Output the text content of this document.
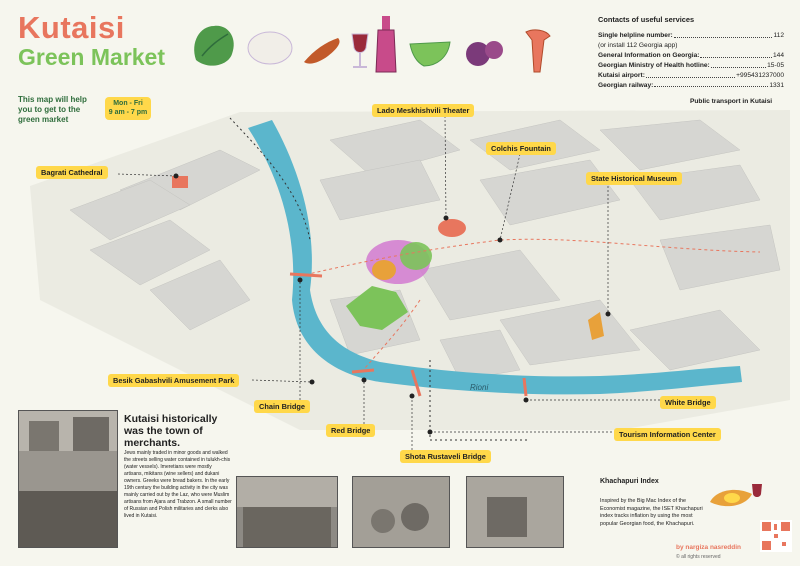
Kutaisi
Green Market
This map will help you to get to the green market
Mon - Fri
9 am - 7 pm
Contacts of useful services
Single helpline number:	112
(or install 112 Georgia app)
General Information on Georgia:	144
Georgian Ministry of Health hotline:	15-05
Kutaisi airport:	+995431237000
Georgian railway:	1331
Public transport in Kutaisi
Rioni
Lado Meskhishvili Theater
Colchis Fountain
Bagrati Cathedral
State Historical Museum
Besik Gabashvili Amusement Park
Chain Bridge
Red Bridge
Shota Rustaveli Bridge
White Bridge
Tourism Information Center
Kutaisi historically was the town of merchants.
Jews mainly traded in minor goods and walked the streets selling water contained in tulukh-chis (water vessels). Imeretians were mostly artisans, mikitans (wine sellers) and dukani owners. Greeks were bread bakers. In the early 19th century the building activity in the city was mainly carried out by the Laz, who were Muslim artisans from Ajara and Trabzon. A small number of Russian and Polish militaries and clerks also lived in Kutaisi.
Khachapuri Index
Inspired by the Big Mac Index of the Economist magazine, the ISET Khachapuri index tracks inflation by using the most popular Georgian food, the Khachapuri.
by nargiza nasreddin
© all rights reserved
